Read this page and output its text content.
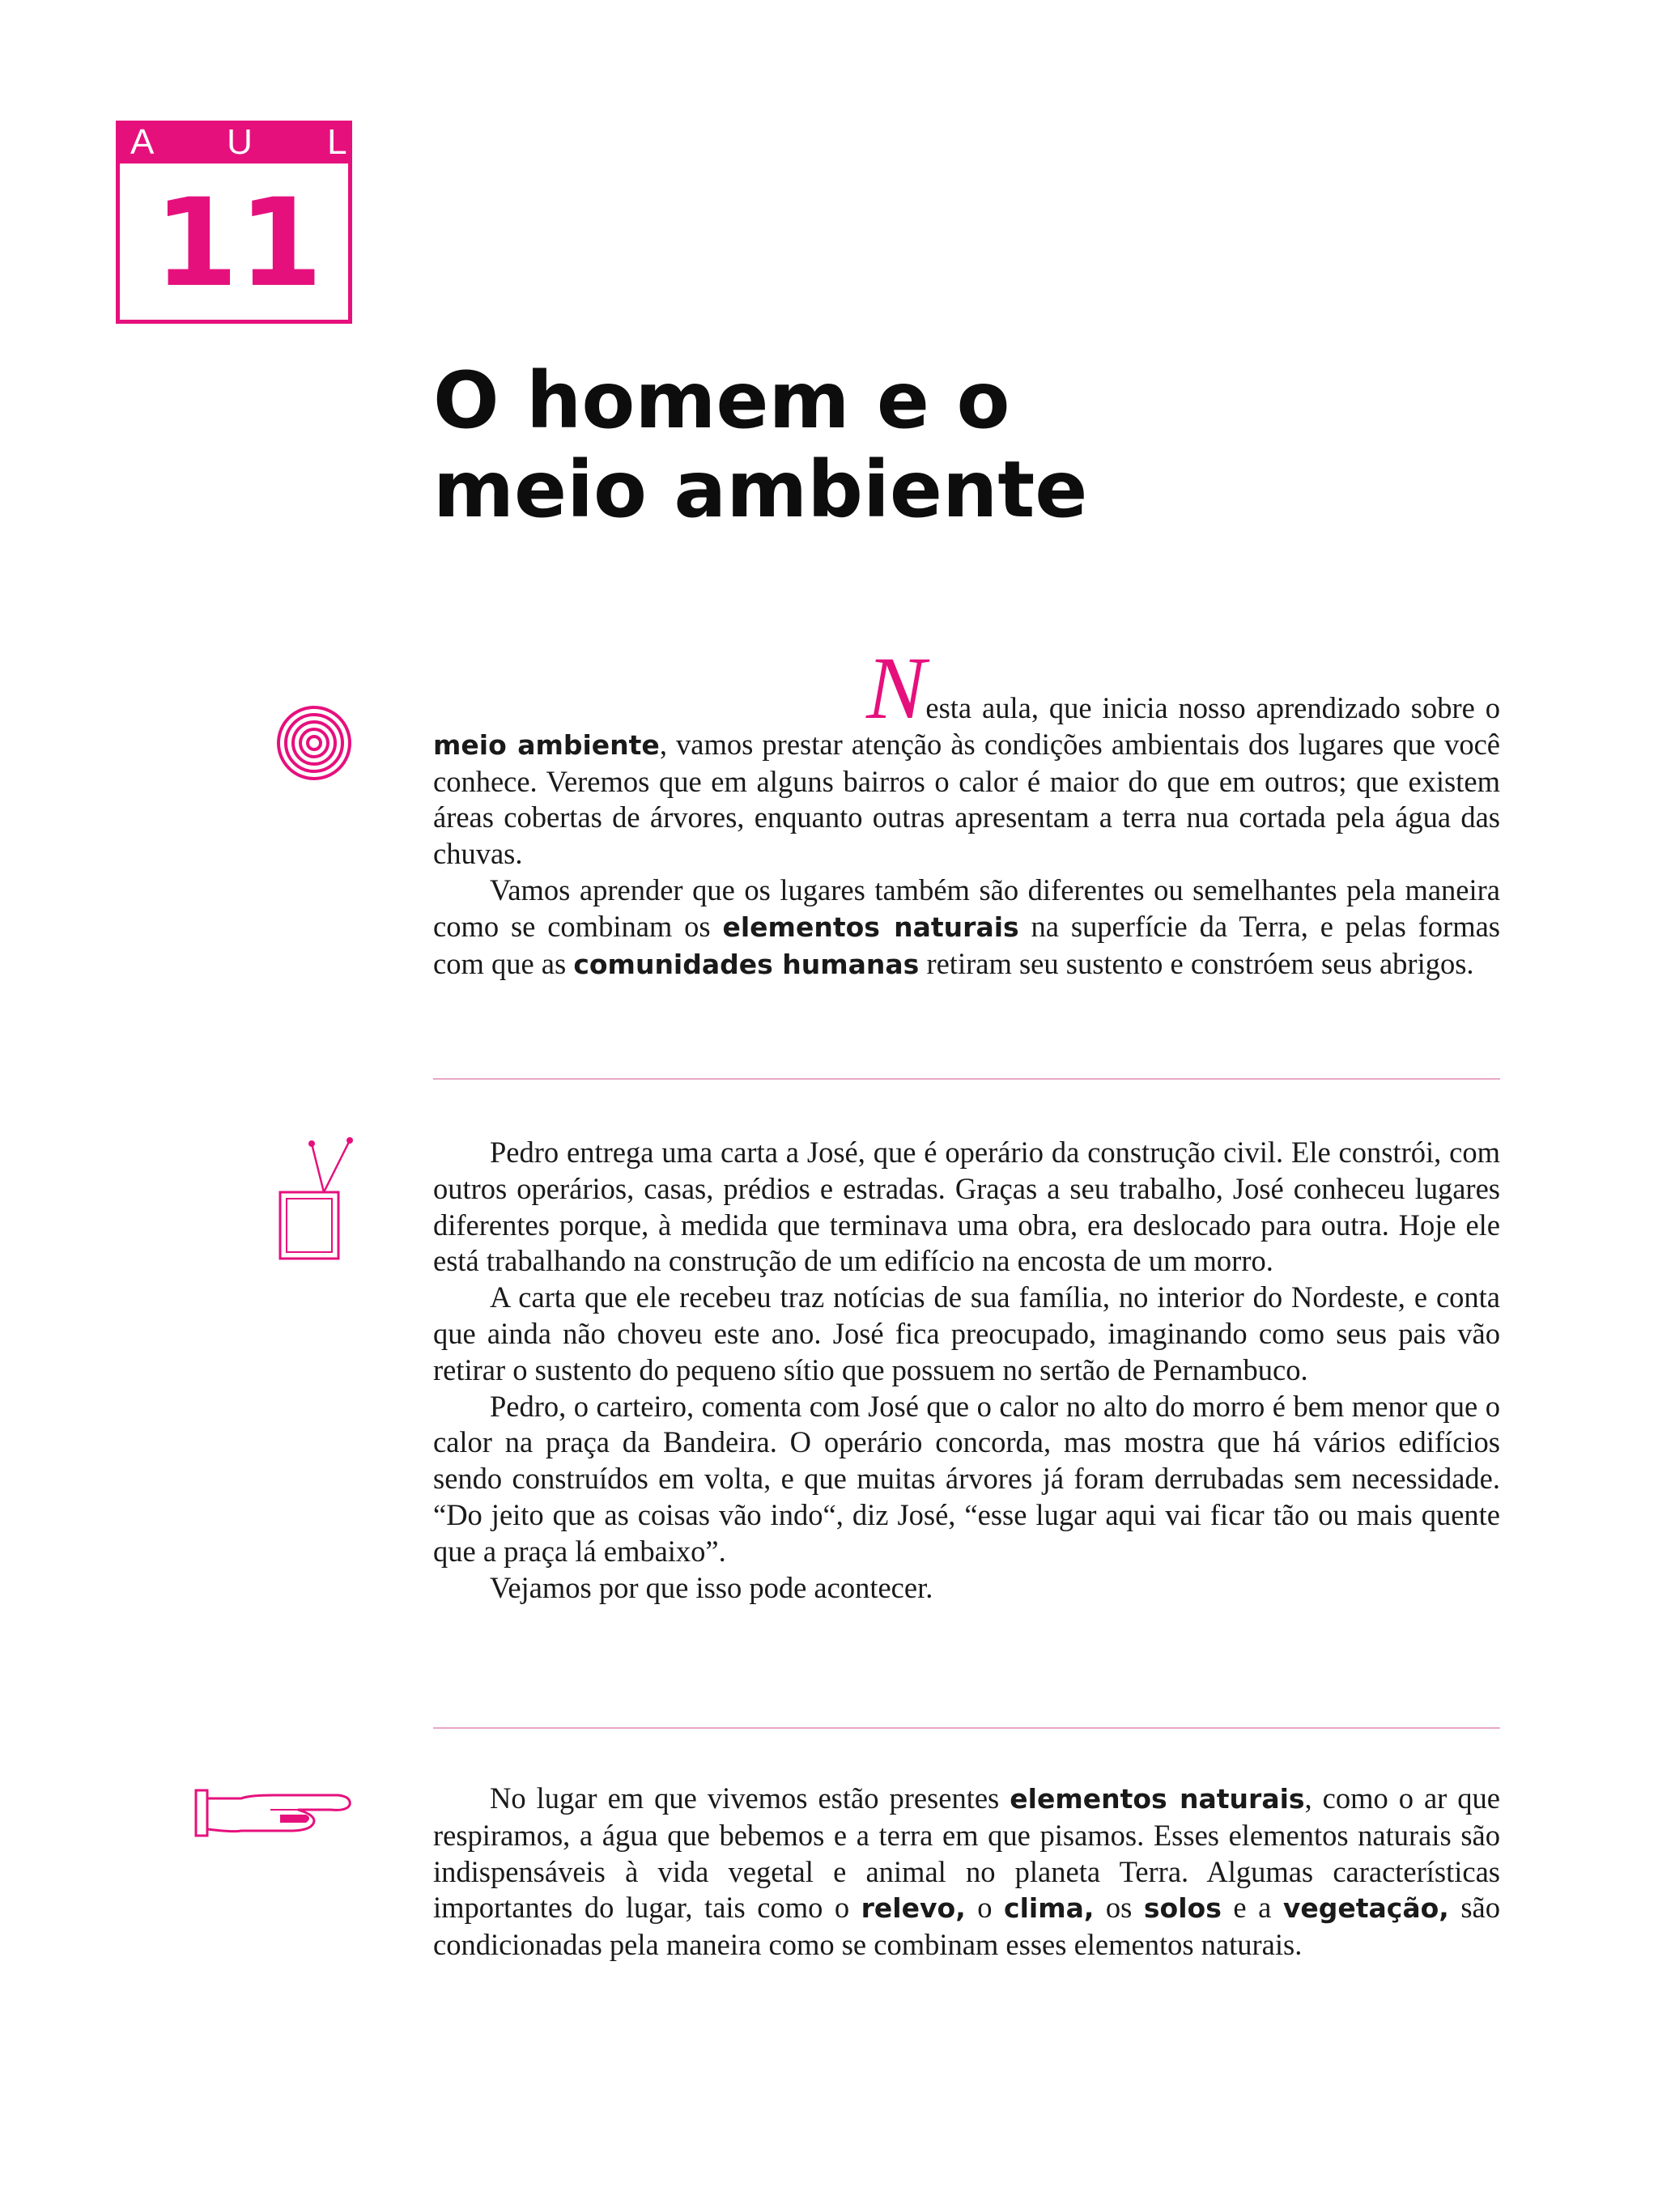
A U L A
11
O homem e o
meio ambiente

Nesta aula, que inicia nosso aprendizado sobre o meio ambiente, vamos prestar atenção às condições ambientais dos lugares que você conhece. Veremos que em alguns bairros o calor é maior do que em outros; que existem áreas cobertas de árvores, enquanto outras apresentam a terra nua cortada pela água das chuvas.

Vamos aprender que os lugares também são diferentes ou semelhantes pela maneira como se combinam os elementos naturais na superfície da Terra, e pelas formas com que as comunidades humanas retiram seu sustento e constróem seus abrigos.

Pedro entrega uma carta a José, que é operário da construção civil. Ele constrói, com outros operários, casas, prédios e estradas. Graças a seu trabalho, José conheceu lugares diferentes porque, à medida que terminava uma obra, era deslocado para outra. Hoje ele está trabalhando na construção de um edifício na encosta de um morro.

A carta que ele recebeu traz notícias de sua família, no interior do Nordeste, e conta que ainda não choveu este ano. José fica preocupado, imaginando como seus pais vão retirar o sustento do pequeno sítio que possuem no sertão de Pernambuco.

Pedro, o carteiro, comenta com José que o calor no alto do morro é bem menor que o calor na praça da Bandeira. O operário concorda, mas mostra que há vários edifícios sendo construídos em volta, e que muitas árvores já foram derrubadas sem necessidade. “Do jeito que as coisas vão indo“, diz José, “esse lugar aqui vai ficar tão ou mais quente que a praça lá embaixo”.

Vejamos por que isso pode acontecer.

No lugar em que vivemos estão presentes elementos naturais, como o ar que respiramos, a água que bebemos e a terra em que pisamos. Esses elementos naturais são indispensáveis à vida vegetal e animal no planeta Terra. Algumas características importantes do lugar, tais como o relevo, o clima, os solos e a vegetação, são condicionadas pela maneira como se combinam esses elementos naturais.
